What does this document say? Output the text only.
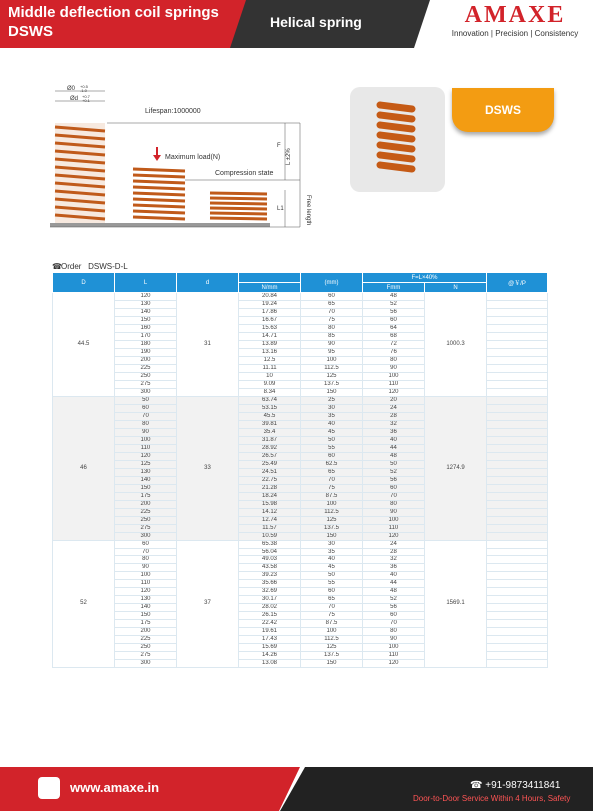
Middle deflection coil springs
DSWS
Helical spring	AMAXE
Innovation | Precision | Consistency
Ø0 +0.5
-1.0
Ød +0.7
+0.1
Lifespan:1000000
Maximum load(N)
Compression state
F
L ±2%
Free length
L1
DSWS
☎Order DSWS-D-L
D	L	d		(mm)	F=L×40%		@￥/P
			N/mm		Fmm	N	
44.5	120	31	20.84	60	48	1000.3	
	130		19.24	65	52		
	140		17.86	70	56		
	150		16.67	75	60		
	160		15.63	80	64		
	170		14.71	85	68		
	180		13.89	90	72		
	190		13.16	95	76		
	200		12.5	100	80		
	225		11.11	112.5	90		
	250		10	125	100		
	275		9.09	137.5	110		
	300		8.34	150	120		
46	50	33	63.74	25	20	1274.9	
	60		53.15	30	24		
	70		45.5	35	28		
	80		39.81	40	32		
	90		35.4	45	36		
	100		31.87	50	40		
	110		28.92	55	44		
	120		26.57	60	48		
	125		25.49	62.5	50		
	130		24.51	65	52		
	140		22.75	70	56		
	150		21.28	75	60		
	175		18.24	87.5	70		
	200		15.98	100	80		
	225		14.12	112.5	90		
	250		12.74	125	100		
	275		11.57	137.5	110		
	300		10.59	150	120		
52	60	37	65.38	30	24	1569.1	
	70		56.04	35	28		
	80		49.03	40	32		
	90		43.58	45	36		
	100		39.23	50	40		
	110		35.66	55	44		
	120		32.69	60	48		
	130		30.17	65	52		
	140		28.02	70	56		
	150		26.15	75	60		
	175		22.42	87.5	70		
	200		19.61	100	80		
	225		17.43	112.5	90		
	250		15.69	125	100		
	275		14.26	137.5	110		
	300		13.08	150	120		
www.amaxe.in	☎ +91-9873411841
Door-to-Door Service Within 4 Hours, Safety
